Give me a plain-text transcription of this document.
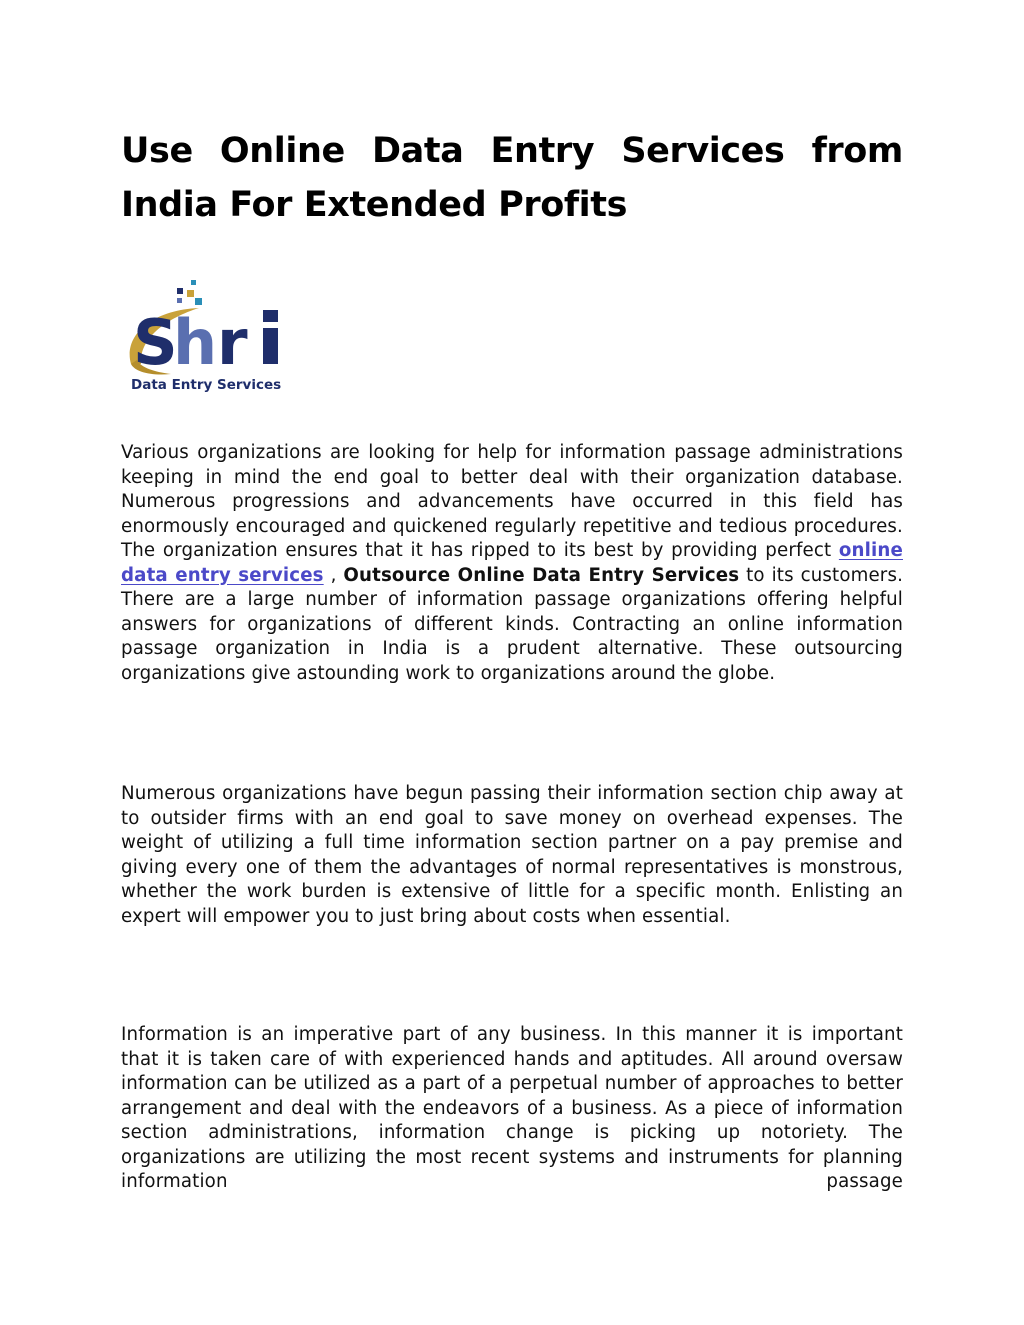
Use Online Data Entry Services from India For Extended Profits
S
h r
Data Entry Services

Various organizations are looking for help for information passage administrations keeping in mind the end goal to better deal with their organization database. Numerous progressions and advancements have occurred in this field has enormously encouraged and quickened regularly repetitive and tedious procedures. The organization ensures that it has ripped to its best by providing perfect online data entry services , Outsource Online Data Entry Services to its customers. There are a large number of information passage organizations offering helpful answers for organizations of different kinds. Contracting an online information passage organization in India is a prudent alternative. These outsourcing organizations give astounding work to organizations around the globe.

Numerous organizations have begun passing their information section chip away at to outsider firms with an end goal to save money on overhead expenses. The weight of utilizing a full time information section partner on a pay premise and giving every one of them the advantages of normal representatives is monstrous, whether the work burden is extensive of little for a specific month. Enlisting an expert will empower you to just bring about costs when essential.

Information is an imperative part of any business. In this manner it is important that it is taken care of with experienced hands and aptitudes. All around oversaw information can be utilized as a part of a perpetual number of approaches to better arrangement and deal with the endeavors of a business. As a piece of information section administrations, information change is picking up notoriety. The organizations are utilizing the most recent systems and instruments for planning information passage
